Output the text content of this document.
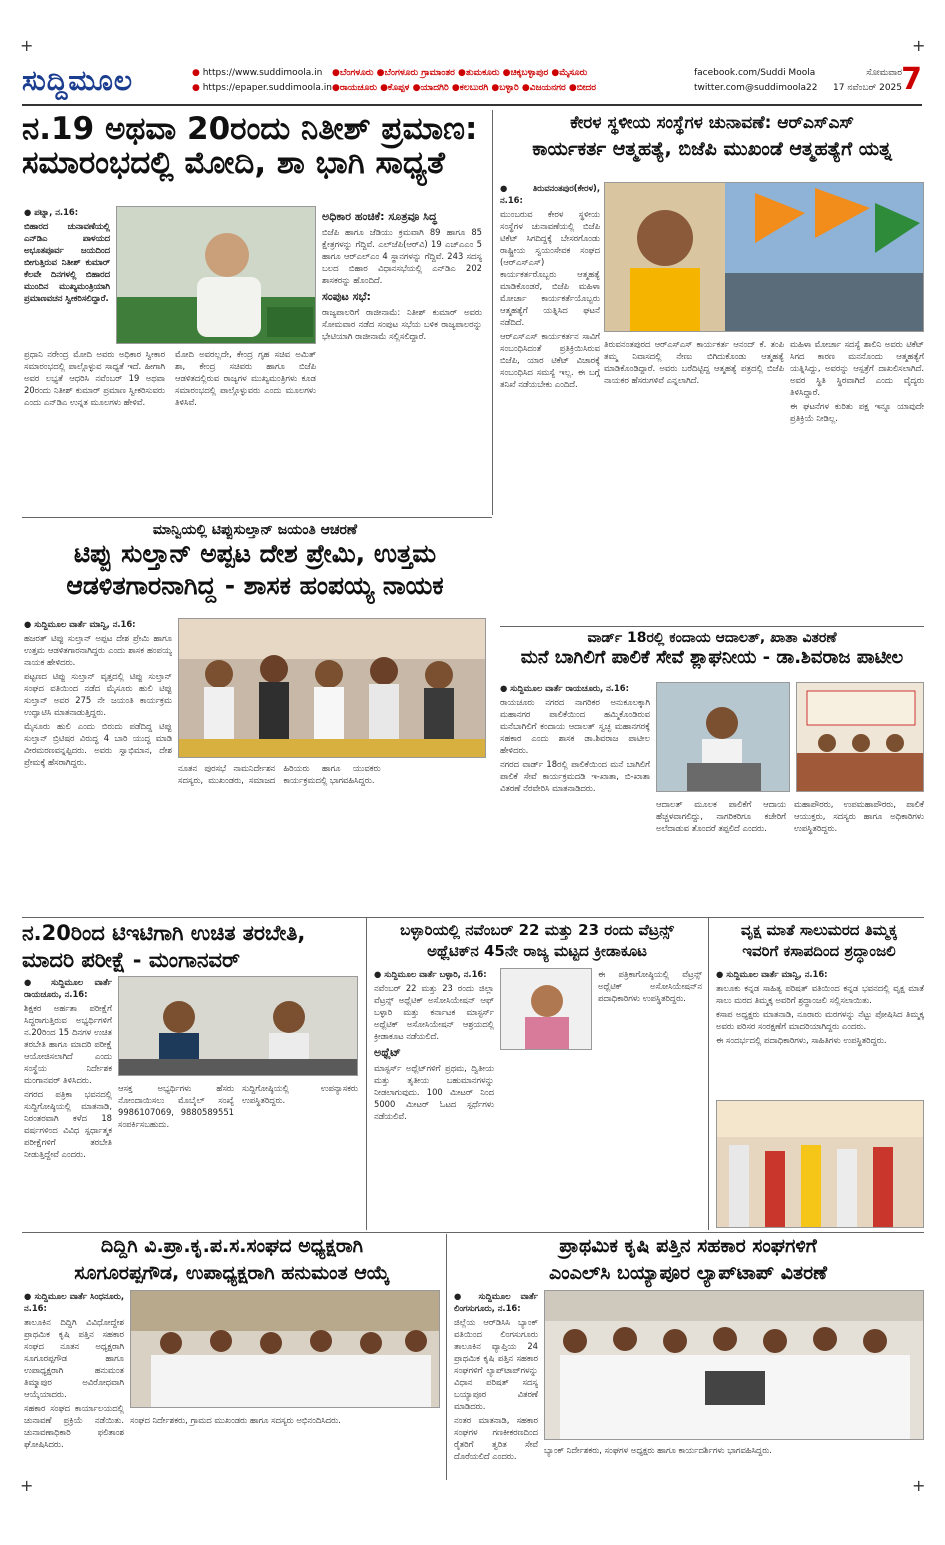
+	+
+	+
ಸುದ್ದಿಮೂಲ
●	https://www.suddimoola.in
● https://epaper.suddimoola.in
●ಬೆಂಗಳೂರು ●ಬೆಂಗಳೂರು ಗ್ರಾಮಾಂತರ ●ತುಮಕೂರು ●ಚಿಕ್ಕಬಳ್ಳಾಪುರ ●ಮೈಸೂರು
●ರಾಯಚೂರು ●ಕೊಪ್ಪಳ ●ಯಾದಗಿರಿ ●ಕಲಬುರಗಿ ●ಬಳ್ಳಾರಿ ●ವಿಜಯನಗರ ●ಬೀದರ
facebook.com/Suddi Moola
twitter.com@suddimoola22
ಸೋಮವಾರ
17 ನವೆಂಬರ್ 2025 7
ನ.19 ಅಥವಾ 20ರಂದು ನಿತೀಶ್ ಪ್ರಮಾಣ:
ಸಮಾರಂಭದಲ್ಲಿ ಮೋದಿ, ಶಾ ಭಾಗಿ ಸಾಧ್ಯತೆ

● ಪಟ್ನಾ, ನ.16:

ಬಿಹಾರದ ಚುನಾವಣೆಯಲ್ಲಿ ಎನ್‌ಡಿಎ ಪಾಳಯದ ಅಭೂತಪೂರ್ವ ಜಯದಿಂದ ಬೀಗುತ್ತಿರುವ ನಿತೀಶ್ ಕುಮಾರ್ ಕೆಲವೇ ದಿನಗಳಲ್ಲಿ ಬಿಹಾರದ ಮುಂದಿನ ಮುಖ್ಯಮಂತ್ರಿಯಾಗಿ ಪ್ರಮಾಣವಚನ ಸ್ವೀಕರಿಸಲಿದ್ದಾರೆ.

ಪ್ರಧಾನಿ ನರೇಂದ್ರ ಮೋದಿ ಅವರು ಅಧಿಕಾರ ಸ್ವೀಕಾರ ಸಮಾರಂಭದಲ್ಲಿ ಪಾಲ್ಗೊಳ್ಳುವ ಸಾಧ್ಯತೆ ಇದೆ. ಹೀಗಾಗಿ ಅವರ ಲಭ್ಯತೆ ಆಧರಿಸಿ ನವೆಂಬರ್ 19 ಅಥವಾ 20ರಂದು ನಿತೀಶ್ ಕುಮಾರ್ ಪ್ರಮಾಣ ಸ್ವೀಕರಿಸುವರು ಎಂದು ಎನ್‌ಡಿಎ ಉನ್ನತ ಮೂಲಗಳು ಹೇಳಿವೆ.

ಮೋದಿ ಅವರಲ್ಲದೇ, ಕೇಂದ್ರ ಗೃಹ ಸಚಿವ ಅಮಿತ್ ಶಾ, ಕೇಂದ್ರ ಸಚಿವರು ಹಾಗೂ ಬಿಜೆಪಿ ಆಡಳಿತದಲ್ಲಿರುವ ರಾಜ್ಯಗಳ ಮುಖ್ಯಮಂತ್ರಿಗಳು ಕೂಡ ಸಮಾರಂಭದಲ್ಲಿ ಪಾಲ್ಗೊಳ್ಳುವರು ಎಂದು ಮೂಲಗಳು ತಿಳಿಸಿವೆ.

ಅಧಿಕಾರ ಹಂಚಿಕೆ: ಸೂತ್ರವೂ ಸಿದ್ಧ

ಬಿಜೆಪಿ ಹಾಗೂ ಜೆಡಿಯು ಕ್ರಮವಾಗಿ 89 ಹಾಗೂ 85 ಕ್ಷೇತ್ರಗಳನ್ನು ಗೆದ್ದಿವೆ. ಎಲ್‌ಜೆಪಿ(ಆರ್‌ವಿ) 19 ಎಚ್‌ಎಎಂ 5 ಹಾಗೂ ಆರ್‌ಎಲ್‌ಎಂ 4 ಸ್ಥಾನಗಳನ್ನು ಗೆದ್ದಿವೆ. 243 ಸದಸ್ಯ ಬಲದ ಬಿಹಾರ ವಿಧಾನಸಭೆಯಲ್ಲಿ ಎನ್‌ಡಿಎ 202 ಶಾಸಕರನ್ನು ಹೊಂದಿದೆ.

ಸಂಪುಟ ಸಭೆ:

ರಾಜ್ಯಪಾಲರಿಗೆ ರಾಜೀನಾಮೆ: ನಿತೀಶ್ ಕುಮಾರ್ ಅವರು ಸೋಮವಾರ ನಡೆದ ಸಂಪುಟ ಸಭೆಯ ಬಳಿಕ ರಾಜ್ಯಪಾಲರನ್ನು ಭೇಟಿಯಾಗಿ ರಾಜೀನಾಮೆ ಸಲ್ಲಿಸಲಿದ್ದಾರೆ.

ಕೇರಳ ಸ್ಥಳೀಯ ಸಂಸ್ಥೆಗಳ ಚುನಾವಣೆ: ಆರ್‌ಎಸ್‌ಎಸ್
ಕಾರ್ಯಕರ್ತ ಆತ್ಮಹತ್ಯೆ, ಬಿಜೆಪಿ ಮುಖಂಡೆ ಆತ್ಮಹತ್ಯೆಗೆ ಯತ್ನ

● ತಿರುವನಂತಪುರ(ಕೇರಳ), ನ.16:

ಮುಂಬರುವ ಕೇರಳ ಸ್ಥಳೀಯ ಸಂಸ್ಥೆಗಳ ಚುನಾವಣೆಯಲ್ಲಿ ಬಿಜೆಪಿ ಟಿಕೆಟ್ ಸಿಗದಿದ್ದಕ್ಕೆ ಬೇಸರಗೊಂಡು ರಾಷ್ಟ್ರೀಯ ಸ್ವಯಂಸೇವಕ ಸಂಘದ (ಆರ್‌ಎಸ್‌ಎಸ್) ಕಾರ್ಯಕರ್ತರೊಬ್ಬರು ಆತ್ಮಹತ್ಯೆ ಮಾಡಿಕೊಂಡರೆ, ಬಿಜೆಪಿ ಮಹಿಳಾ ಮೋರ್ಚಾ ಕಾರ್ಯಕರ್ತೆಯೊಬ್ಬರು ಆತ್ಮಹತ್ಯೆಗೆ ಯತ್ನಿಸಿದ ಘಟನೆ ನಡೆದಿದೆ.

ಆರ್‌ಎಸ್‌ಎಸ್ ಕಾರ್ಯಕರ್ತನ ಸಾವಿಗೆ ಸಂಬಂಧಿಸಿದಂತೆ ಪ್ರತಿಕ್ರಿಯಿಸಿರುವ ಬಿಜೆಪಿ, ಯಾರ ಟಿಕೆಟ್ ವಿಚಾರಕ್ಕೆ ಸಂಬಂಧಿಸಿದ ಸಮಸ್ಯೆ ಇಲ್ಲ. ಈ ಬಗ್ಗೆ ತನಿಖೆ ನಡೆಯಬೇಕು ಎಂದಿದೆ.

ತಿರುವನಂತಪುರದ ಆರ್‌ಎಸ್‌ಎಸ್ ಕಾರ್ಯಕರ್ತ ಆನಂದ್ ಕೆ. ತಂಪಿ ತಮ್ಮ ನಿವಾಸದಲ್ಲಿ ನೇಣು ಬಿಗಿದುಕೊಂಡು ಆತ್ಮಹತ್ಯೆ ಮಾಡಿಕೊಂಡಿದ್ದಾರೆ. ಅವರು ಬರೆದಿಟ್ಟಿದ್ದ ಆತ್ಮಹತ್ಯೆ ಪತ್ರದಲ್ಲಿ ಬಿಜೆಪಿ ನಾಯಕರ ಹೆಸರುಗಳಿವೆ ಎನ್ನಲಾಗಿದೆ.

ಮಹಿಳಾ ಮೋರ್ಚಾ ಸದಸ್ಯೆ ಶಾಲಿನಿ ಅವರು ಟಿಕೆಟ್ ಸಿಗದ ಕಾರಣ ಮನನೊಂದು ಆತ್ಮಹತ್ಯೆಗೆ ಯತ್ನಿಸಿದ್ದು, ಅವರನ್ನು ಆಸ್ಪತ್ರೆಗೆ ದಾಖಲಿಸಲಾಗಿದೆ. ಅವರ ಸ್ಥಿತಿ ಸ್ಥಿರವಾಗಿದೆ ಎಂದು ವೈದ್ಯರು ತಿಳಿಸಿದ್ದಾರೆ.

ಈ ಘಟನೆಗಳ ಕುರಿತು ಪಕ್ಷ ಇನ್ನೂ ಯಾವುದೇ ಪ್ರತಿಕ್ರಿಯೆ ನೀಡಿಲ್ಲ.

ಮಾನ್ವಿಯಲ್ಲಿ ಟಿಪ್ಪುಸುಲ್ತಾನ್ ಜಯಂತಿ ಆಚರಣೆ
ಟಿಪ್ಪು ಸುಲ್ತಾನ್ ಅಪ್ಪಟ ದೇಶ ಪ್ರೇಮಿ, ಉತ್ತಮ
ಆಡಳಿತಗಾರನಾಗಿದ್ದ - ಶಾಸಕ ಹಂಪಯ್ಯ ನಾಯಕ

● ಸುದ್ದಿಮೂಲ ವಾರ್ತೆ ಮಾನ್ವಿ, ನ.16:

ಹಜರತ್ ಟಿಪ್ಪು ಸುಲ್ತಾನ್ ಅಪ್ಪಟ ದೇಶ ಪ್ರೇಮಿ ಹಾಗೂ ಉತ್ತಮ ಆಡಳಿತಗಾರನಾಗಿದ್ದರು ಎಂದು ಶಾಸಕ ಹಂಪಯ್ಯ ನಾಯಕ ಹೇಳಿದರು.

ಪಟ್ಟಣದ ಟಿಪ್ಪು ಸುಲ್ತಾನ್ ವೃತ್ತದಲ್ಲಿ ಟಿಪ್ಪು ಸುಲ್ತಾನ್ ಸಂಘದ ವತಿಯಿಂದ ನಡೆದ ಮೈಸೂರು ಹುಲಿ ಟಿಪ್ಪು ಸುಲ್ತಾನ್ ಅವರ 275 ನೇ ಜಯಂತಿ ಕಾರ್ಯಕ್ರಮ ಉದ್ಘಾಟಿಸಿ ಮಾತನಾಡುತ್ತಿದ್ದರು.

ಮೈಸೂರು ಹುಲಿ ಎಂದು ಬಿರುದು ಪಡೆದಿದ್ದ ಟಿಪ್ಪು ಸುಲ್ತಾನ್ ಬ್ರಿಟಿಷರ ವಿರುದ್ಧ 4 ಬಾರಿ ಯುದ್ಧ ಮಾಡಿ ವೀರಮರಣವನ್ನಪ್ಪಿದರು. ಅವರು ಸ್ವಾಭಿಮಾನ, ದೇಶ ಪ್ರೇಮಕ್ಕೆ ಹೆಸರಾಗಿದ್ದರು.

ನೂತನ ಪುರಸಭೆ ನಾಮನಿರ್ದೇಶನ ಸದಸ್ಯರು, ಮುಖಂಡರು, ಸಮಾಜದ ಹಿರಿಯರು ಹಾಗೂ ಯುವಕರು ಕಾರ್ಯಕ್ರಮದಲ್ಲಿ ಭಾಗವಹಿಸಿದ್ದರು.

ವಾರ್ಡ್ 18ರಲ್ಲಿ ಕಂದಾಯ ಆದಾಲತ್, ಖಾತಾ ವಿತರಣೆ
ಮನೆ ಬಾಗಿಲಿಗೆ ಪಾಲಿಕೆ ಸೇವೆ ಶ್ಲಾಘನೀಯ - ಡಾ.ಶಿವರಾಜ ಪಾಟೀಲ

● ಸುದ್ದಿಮೂಲ ವಾರ್ತೆ ರಾಯಚೂರು, ನ.16:

ರಾಯಚೂರು ನಗರದ ನಾಗರಿಕರ ಅನುಕೂಲಕ್ಕಾಗಿ ಮಹಾನಗರ ಪಾಲಿಕೆಯಿಂದ ಹಮ್ಮಿಕೊಂಡಿರುವ ಮನೆಬಾಗಿಲಿಗೆ ಕಂದಾಯ ಆದಾಲತ್ ಸ್ವಚ್ಛ ಮಹಾನಗರಕ್ಕೆ ಸಹಕಾರ ಎಂದು ಶಾಸಕ ಡಾ.ಶಿವರಾಜ ಪಾಟೀಲ ಹೇಳಿದರು.

ನಗರದ ವಾರ್ಡ್ 18ರಲ್ಲಿ ಪಾಲಿಕೆಯಿಂದ ಮನೆ ಬಾಗಿಲಿಗೆ ಪಾಲಿಕೆ ಸೇವೆ ಕಾರ್ಯಕ್ರಮದಡಿ ಇ-ಖಾತಾ, ಬಿ-ಖಾತಾ ವಿತರಣೆ ನೆರವೇರಿಸಿ ಮಾತನಾಡಿದರು.

ಆದಾಲತ್ ಮೂಲಕ ಪಾಲಿಕೆಗೆ ಆದಾಯ ಹೆಚ್ಚಳವಾಗಲಿದ್ದು, ನಾಗರಿಕರಿಗೂ ಕಚೇರಿಗೆ ಅಲೆದಾಡುವ ತೊಂದರೆ ತಪ್ಪಲಿದೆ ಎಂದರು.

ಮಹಾಪೌರರು, ಉಪಮಹಾಪೌರರು, ಪಾಲಿಕೆ ಆಯುಕ್ತರು, ಸದಸ್ಯರು ಹಾಗೂ ಅಧಿಕಾರಿಗಳು ಉಪಸ್ಥಿತರಿದ್ದರು.

ನ.20ರಿಂದ ಟಿಇಟಿಗಾಗಿ ಉಚಿತ ತರಬೇತಿ,
ಮಾದರಿ ಪರೀಕ್ಷೆ - ಮಂಗಾನವರ್

● ಸುದ್ದಿಮೂಲ ವಾರ್ತೆ ರಾಯಚೂರು, ನ.16:

ಶಿಕ್ಷಕರ ಅರ್ಹತಾ ಪರೀಕ್ಷೆಗೆ ಸಿದ್ಧರಾಗುತ್ತಿರುವ ಅಭ್ಯರ್ಥಿಗಳಿಗೆ ನ.20ರಿಂದ 15 ದಿನಗಳ ಉಚಿತ ತರಬೇತಿ ಹಾಗೂ ಮಾದರಿ ಪರೀಕ್ಷೆ ಆಯೋಜಿಸಲಾಗಿದೆ ಎಂದು ಸಂಸ್ಥೆಯ ನಿರ್ದೇಶಕ ಮಂಗಾನವರ್ ತಿಳಿಸಿದರು.

ನಗರದ ಪತ್ರಿಕಾ ಭವನದಲ್ಲಿ ಸುದ್ದಿಗೋಷ್ಠಿಯಲ್ಲಿ ಮಾತನಾಡಿ, ನಿರಂತರವಾಗಿ ಕಳೆದ 18 ವರ್ಷಗಳಿಂದ ವಿವಿಧ ಸ್ಪರ್ಧಾತ್ಮಕ ಪರೀಕ್ಷೆಗಳಿಗೆ ತರಬೇತಿ ನೀಡುತ್ತಿದ್ದೇವೆ ಎಂದರು.

ಆಸಕ್ತ ಅಭ್ಯರ್ಥಿಗಳು ಹೆಸರು ನೋಂದಾಯಿಸಲು ಮೊಬೈಲ್ ಸಂಖ್ಯೆ 9986107069, 9880589551 ಸಂಪರ್ಕಿಸಬಹುದು.

ಸುದ್ದಿಗೋಷ್ಠಿಯಲ್ಲಿ ಉಪನ್ಯಾಸಕರು ಉಪಸ್ಥಿತರಿದ್ದರು.

ಬಳ್ಳಾರಿಯಲ್ಲಿ ನವೆಂಬರ್ 22 ಮತ್ತು 23 ರಂದು ವೆಟ್ರನ್ಸ್
ಅಥ್ಲೆಟಿಕ್‌ನ 45ನೇ ರಾಜ್ಯ ಮಟ್ಟದ ಕ್ರೀಡಾಕೂಟ

● ಸುದ್ದಿಮೂಲ ವಾರ್ತೆ ಬಳ್ಳಾರಿ, ನ.16:

ನವೆಂಬರ್ 22 ಮತ್ತು 23 ರಂದು ಜಿಲ್ಲಾ ವೆಟ್ರನ್ಸ್ ಅಥ್ಲೆಟಿಕ್ ಅಸೋಸಿಯೇಷನ್ ಆಫ್ ಬಳ್ಳಾರಿ ಮತ್ತು ಕರ್ನಾಟಕ ಮಾಸ್ಟರ್ಸ್ ಅಥ್ಲೆಟಿಕ್ ಅಸೋಸಿಯೇಷನ್ ಆಶ್ರಯದಲ್ಲಿ ಕ್ರೀಡಾಕೂಟ ನಡೆಯಲಿದೆ.

ಅಥ್ಲೆಟ್

ಮಾಸ್ಟರ್ಸ್ ಅಥ್ಲೆಟ್‌ಗಳಿಗೆ ಪ್ರಥಮ, ದ್ವಿತೀಯ ಮತ್ತು ತೃತೀಯ ಬಹುಮಾನಗಳನ್ನು ನೀಡಲಾಗುವುದು. 100 ಮೀಟರ್ ನಿಂದ 5000 ಮೀಟರ್ ಓಟದ ಸ್ಪರ್ಧೆಗಳು ನಡೆಯಲಿವೆ.

ಈ ಪತ್ರಿಕಾಗೋಷ್ಠಿಯಲ್ಲಿ ವೆಟ್ರನ್ಸ್ ಅಥ್ಲೆಟಿಕ್ ಅಸೋಸಿಯೇಷನ್‌ನ ಪದಾಧಿಕಾರಿಗಳು ಉಪಸ್ಥಿತರಿದ್ದರು.

ವೃಕ್ಷ ಮಾತೆ ಸಾಲುಮರದ ತಿಮ್ಮಕ್ಕ
ಇವರಿಗೆ ಕಸಾಪದಿಂದ ಶ್ರದ್ಧಾಂಜಲಿ

● ಸುದ್ದಿಮೂಲ ವಾರ್ತೆ ಮಾನ್ವಿ, ನ.16:

ತಾಲೂಕು ಕನ್ನಡ ಸಾಹಿತ್ಯ ಪರಿಷತ್ ವತಿಯಿಂದ ಕನ್ನಡ ಭವನದಲ್ಲಿ ವೃಕ್ಷ ಮಾತೆ ಸಾಲು ಮರದ ತಿಮ್ಮಕ್ಕ ಅವರಿಗೆ ಶ್ರದ್ಧಾಂಜಲಿ ಸಲ್ಲಿಸಲಾಯಿತು.

ಕಸಾಪ ಅಧ್ಯಕ್ಷರು ಮಾತನಾಡಿ, ನೂರಾರು ಮರಗಳನ್ನು ನೆಟ್ಟು ಪೋಷಿಸಿದ ತಿಮ್ಮಕ್ಕ ಅವರು ಪರಿಸರ ಸಂರಕ್ಷಣೆಗೆ ಮಾದರಿಯಾಗಿದ್ದರು ಎಂದರು.

ಈ ಸಂದರ್ಭದಲ್ಲಿ ಪದಾಧಿಕಾರಿಗಳು, ಸಾಹಿತಿಗಳು ಉಪಸ್ಥಿತರಿದ್ದರು.

ದಿದ್ದಿಗಿ ವಿ.ಪ್ರಾ.ಕೃ.ಪ.ಸ.ಸಂಘದ ಅಧ್ಯಕ್ಷರಾಗಿ
ಸೂಗೂರಪ್ಪಗೌಡ, ಉಪಾಧ್ಯಕ್ಷರಾಗಿ ಹನುಮಂತ ಆಯ್ಕೆ

● ಸುದ್ದಿಮೂಲ ವಾರ್ತೆ ಸಿಂಧನೂರು, ನ.16:

ತಾಲೂಕಿನ ದಿದ್ದಿಗಿ ವಿವಿಧೋದ್ದೇಶ ಪ್ರಾಥಮಿಕ ಕೃಷಿ ಪತ್ತಿನ ಸಹಕಾರ ಸಂಘದ ನೂತನ ಅಧ್ಯಕ್ಷರಾಗಿ ಸೂಗೂರಪ್ಪಗೌಡ ಹಾಗೂ ಉಪಾಧ್ಯಕ್ಷರಾಗಿ ಹನುಮಂತ ತಿಮ್ಮಾಪುರ ಅವಿರೋಧವಾಗಿ ಆಯ್ಕೆಯಾದರು.

ಸಹಕಾರ ಸಂಘದ ಕಾರ್ಯಾಲಯದಲ್ಲಿ ಚುನಾವಣೆ ಪ್ರಕ್ರಿಯೆ ನಡೆಯಿತು. ಚುನಾವಣಾಧಿಕಾರಿ ಫಲಿತಾಂಶ ಘೋಷಿಸಿದರು.

ಸಂಘದ ನಿರ್ದೇಶಕರು, ಗ್ರಾಮದ ಮುಖಂಡರು ಹಾಗೂ ಸದಸ್ಯರು ಅಭಿನಂದಿಸಿದರು.

ಪ್ರಾಥಮಿಕ ಕೃಷಿ ಪತ್ತಿನ ಸಹಕಾರ ಸಂಘಗಳಿಗೆ
ಎಂಎಲ್‌ಸಿ ಬಯ್ಯಾಪೂರ ಲ್ಯಾಪ್‌ಟಾಪ್ ವಿತರಣೆ

● ಸುದ್ದಿಮೂಲ ವಾರ್ತೆ ಲಿಂಗಸುಗೂರು, ನ.16:

ಜಿಲ್ಲೆಯ ಆರ್‌ಡಿಸಿಸಿ ಬ್ಯಾಂಕ್ ವತಿಯಿಂದ ಲಿಂಗಸುಗೂರು ತಾಲೂಕಿನ ವ್ಯಾಪ್ತಿಯ 24 ಪ್ರಾಥಮಿಕ ಕೃಷಿ ಪತ್ತಿನ ಸಹಕಾರ ಸಂಘಗಳಿಗೆ ಲ್ಯಾಪ್‌ಟಾಪ್‌ಗಳನ್ನು ವಿಧಾನ ಪರಿಷತ್ ಸದಸ್ಯ ಬಯ್ಯಾಪೂರ ವಿತರಣೆ ಮಾಡಿದರು.

ನಂತರ ಮಾತನಾಡಿ, ಸಹಕಾರ ಸಂಘಗಳ ಗಣಕೀಕರಣದಿಂದ ರೈತರಿಗೆ ತ್ವರಿತ ಸೇವೆ ದೊರೆಯಲಿದೆ ಎಂದರು.

ಬ್ಯಾಂಕ್ ನಿರ್ದೇಶಕರು, ಸಂಘಗಳ ಅಧ್ಯಕ್ಷರು ಹಾಗೂ ಕಾರ್ಯದರ್ಶಿಗಳು ಭಾಗವಹಿಸಿದ್ದರು.
